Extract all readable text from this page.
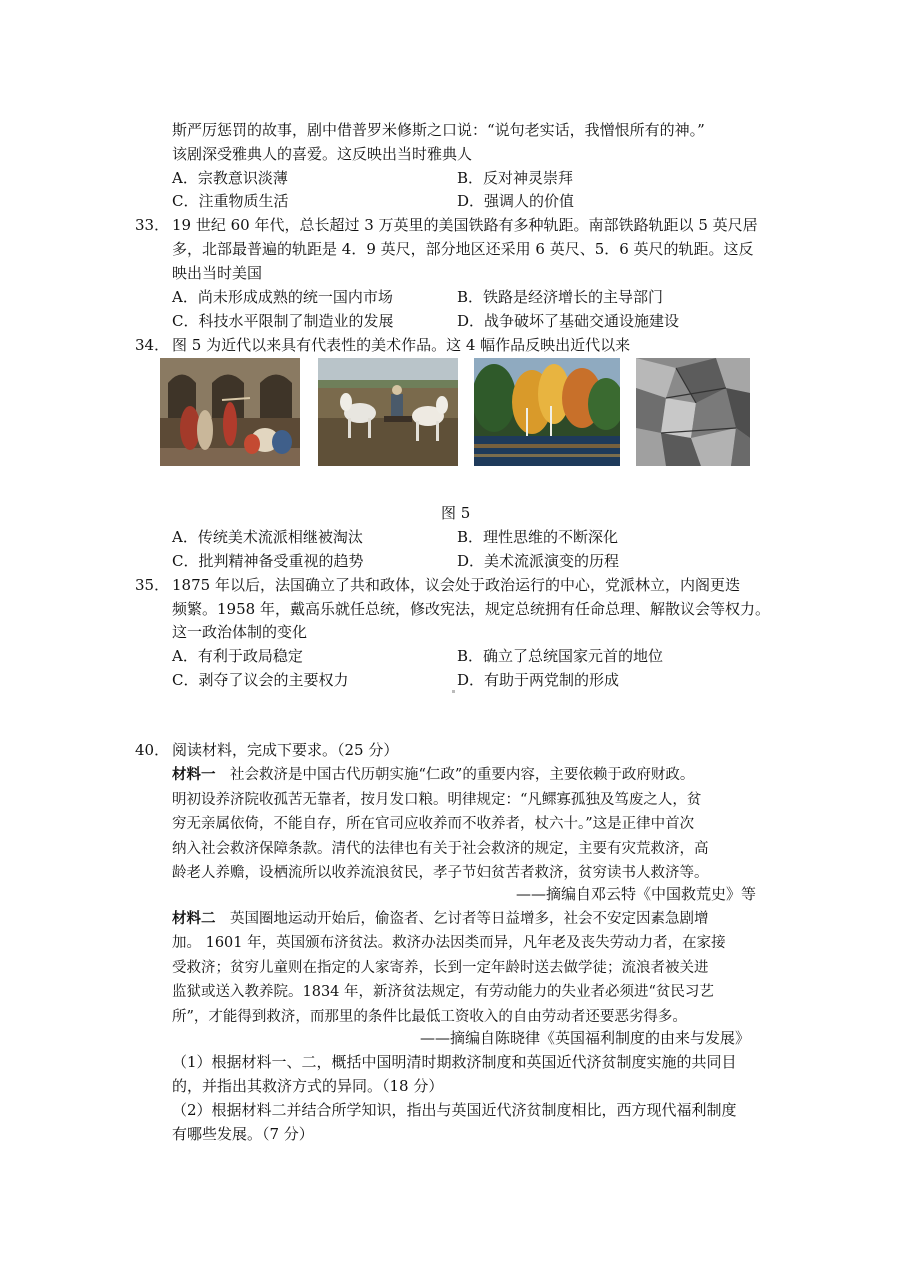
斯严厉惩罚的故事，剧中借普罗米修斯之口说：“说句老实话，我憎恨所有的神。”
该剧深受雅典人的喜爱。这反映出当时雅典人
A．宗教意识淡薄	B．反对神灵崇拜
C．注重物质生活	D．强调人的价值
33． 19 世纪 60 年代，总长超过 3 万英里的美国铁路有多种轨距。南部铁路轨距以 5 英尺居
多，北部最普遍的轨距是 4．9 英尺，部分地区还采用 6 英尺、5．6 英尺的轨距。这反
映出当时美国
A．尚未形成成熟的统一国内市场	B．铁路是经济增长的主导部门
C．科技水平限制了制造业的发展	D．战争破坏了基础交通设施建设
34． 图 5 为近代以来具有代表性的美术作品。这 4 幅作品反映出近代以来
图 5
A．传统美术流派相继被淘汰	B．理性思维的不断深化
C．批判精神备受重视的趋势	D．美术流派演变的历程
35． 1875 年以后，法国确立了共和政体，议会处于政治运行的中心，党派林立，内阁更迭
频繁。1958 年，戴高乐就任总统，修改宪法，规定总统拥有任命总理、解散议会等权力。
这一政治体制的变化
A．有利于政局稳定	B．确立了总统国家元首的地位
C．剥夺了议会的主要权力	D．有助于两党制的形成
40． 阅读材料，完成下要求。（25 分）
材料一　社会救济是中国古代历朝实施“仁政”的重要内容，主要依赖于政府财政。
明初设养济院收孤苦无靠者，按月发口粮。明律规定：“凡鳏寡孤独及笃废之人，贫
穷无亲属依倚，不能自存，所在官司应收养而不收养者，杖六十。”这是正律中首次
纳入社会救济保障条款。清代的法律也有关于社会救济的规定，主要有灾荒救济，高
龄老人养赡，设栖流所以收养流浪贫民，孝子节妇贫苦者救济，贫穷读书人救济等。
——摘编自邓云特《中国救荒史》等
材料二　英国圈地运动开始后，偷盗者、乞讨者等日益增多，社会不安定因素急剧增
加。 1601 年，英国颁布济贫法。救济办法因类而异，凡年老及丧失劳动力者，在家接
受救济；贫穷儿童则在指定的人家寄养，长到一定年龄时送去做学徒；流浪者被关进
监狱或送入教养院。1834 年，新济贫法规定，有劳动能力的失业者必须进“贫民习艺
所”，才能得到救济，而那里的条件比最低工资收入的自由劳动者还要恶劣得多。
——摘编自陈晓律《英国福利制度的由来与发展》
（1）根据材料一、二，概括中国明清时期救济制度和英国近代济贫制度实施的共同目
的，并指出其救济方式的异同。（18 分）
（2）根据材料二并结合所学知识，指出与英国近代济贫制度相比，西方现代福利制度
有哪些发展。（7 分）
